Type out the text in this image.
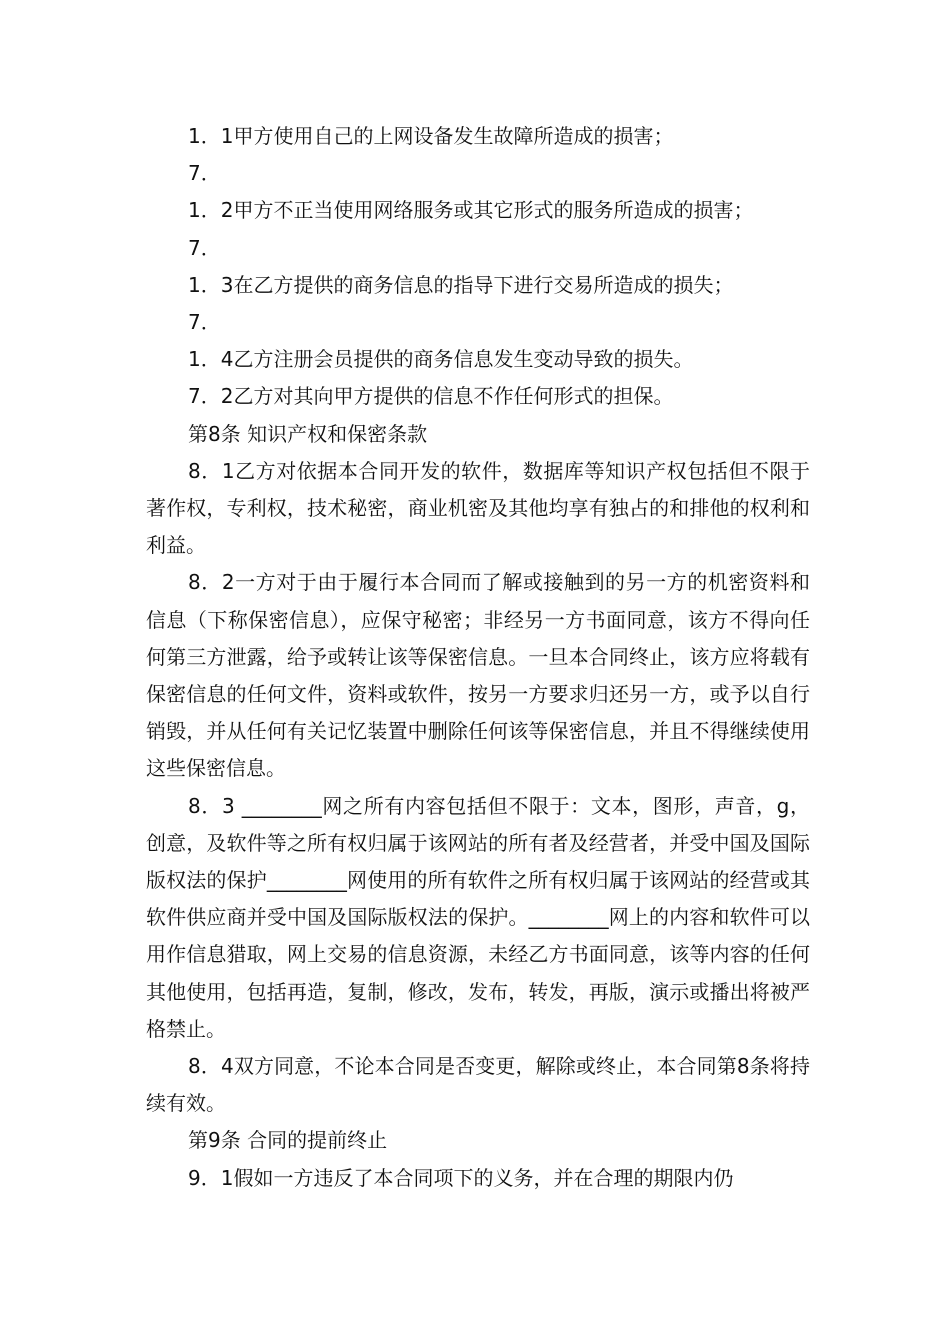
1．1甲方使用自己的上网设备发生故障所造成的损害；

7．

1．2甲方不正当使用网络服务或其它形式的服务所造成的损害；

7．

1．3在乙方提供的商务信息的指导下进行交易所造成的损失；

7．

1．4乙方注册会员提供的商务信息发生变动导致的损失。

7．2乙方对其向甲方提供的信息不作任何形式的担保。

第8条 知识产权和保密条款

8．1乙方对依据本合同开发的软件，数据库等知识产权包括但不限于著作权，专利权，技术秘密，商业机密及其他均享有独占的和排他的权利和利益。

8．2一方对于由于履行本合同而了解或接触到的另一方的机密资料和信息（下称保密信息），应保守秘密；非经另一方书面同意，该方不得向任何第三方泄露，给予或转让该等保密信息。一旦本合同终止，该方应将载有保密信息的任何文件，资料或软件，按另一方要求归还另一方，或予以自行销毁，并从任何有关记忆装置中删除任何该等保密信息，并且不得继续使用这些保密信息。

8．3 ________网之所有内容包括但不限于：文本，图形，声音，g，创意，及软件等之所有权归属于该网站的所有者及经营者，并受中国及国际版权法的保护________网使用的所有软件之所有权归属于该网站的经营或其软件供应商并受中国及国际版权法的保护。________网上的内容和软件可以用作信息猎取，网上交易的信息资源，未经乙方书面同意，该等内容的任何其他使用，包括再造，复制，修改，发布，转发，再版，演示或播出将被严格禁止。

8．4双方同意，不论本合同是否变更，解除或终止，本合同第8条将持续有效。

第9条 合同的提前终止

9．1假如一方违反了本合同项下的义务，并在合理的期限内仍
